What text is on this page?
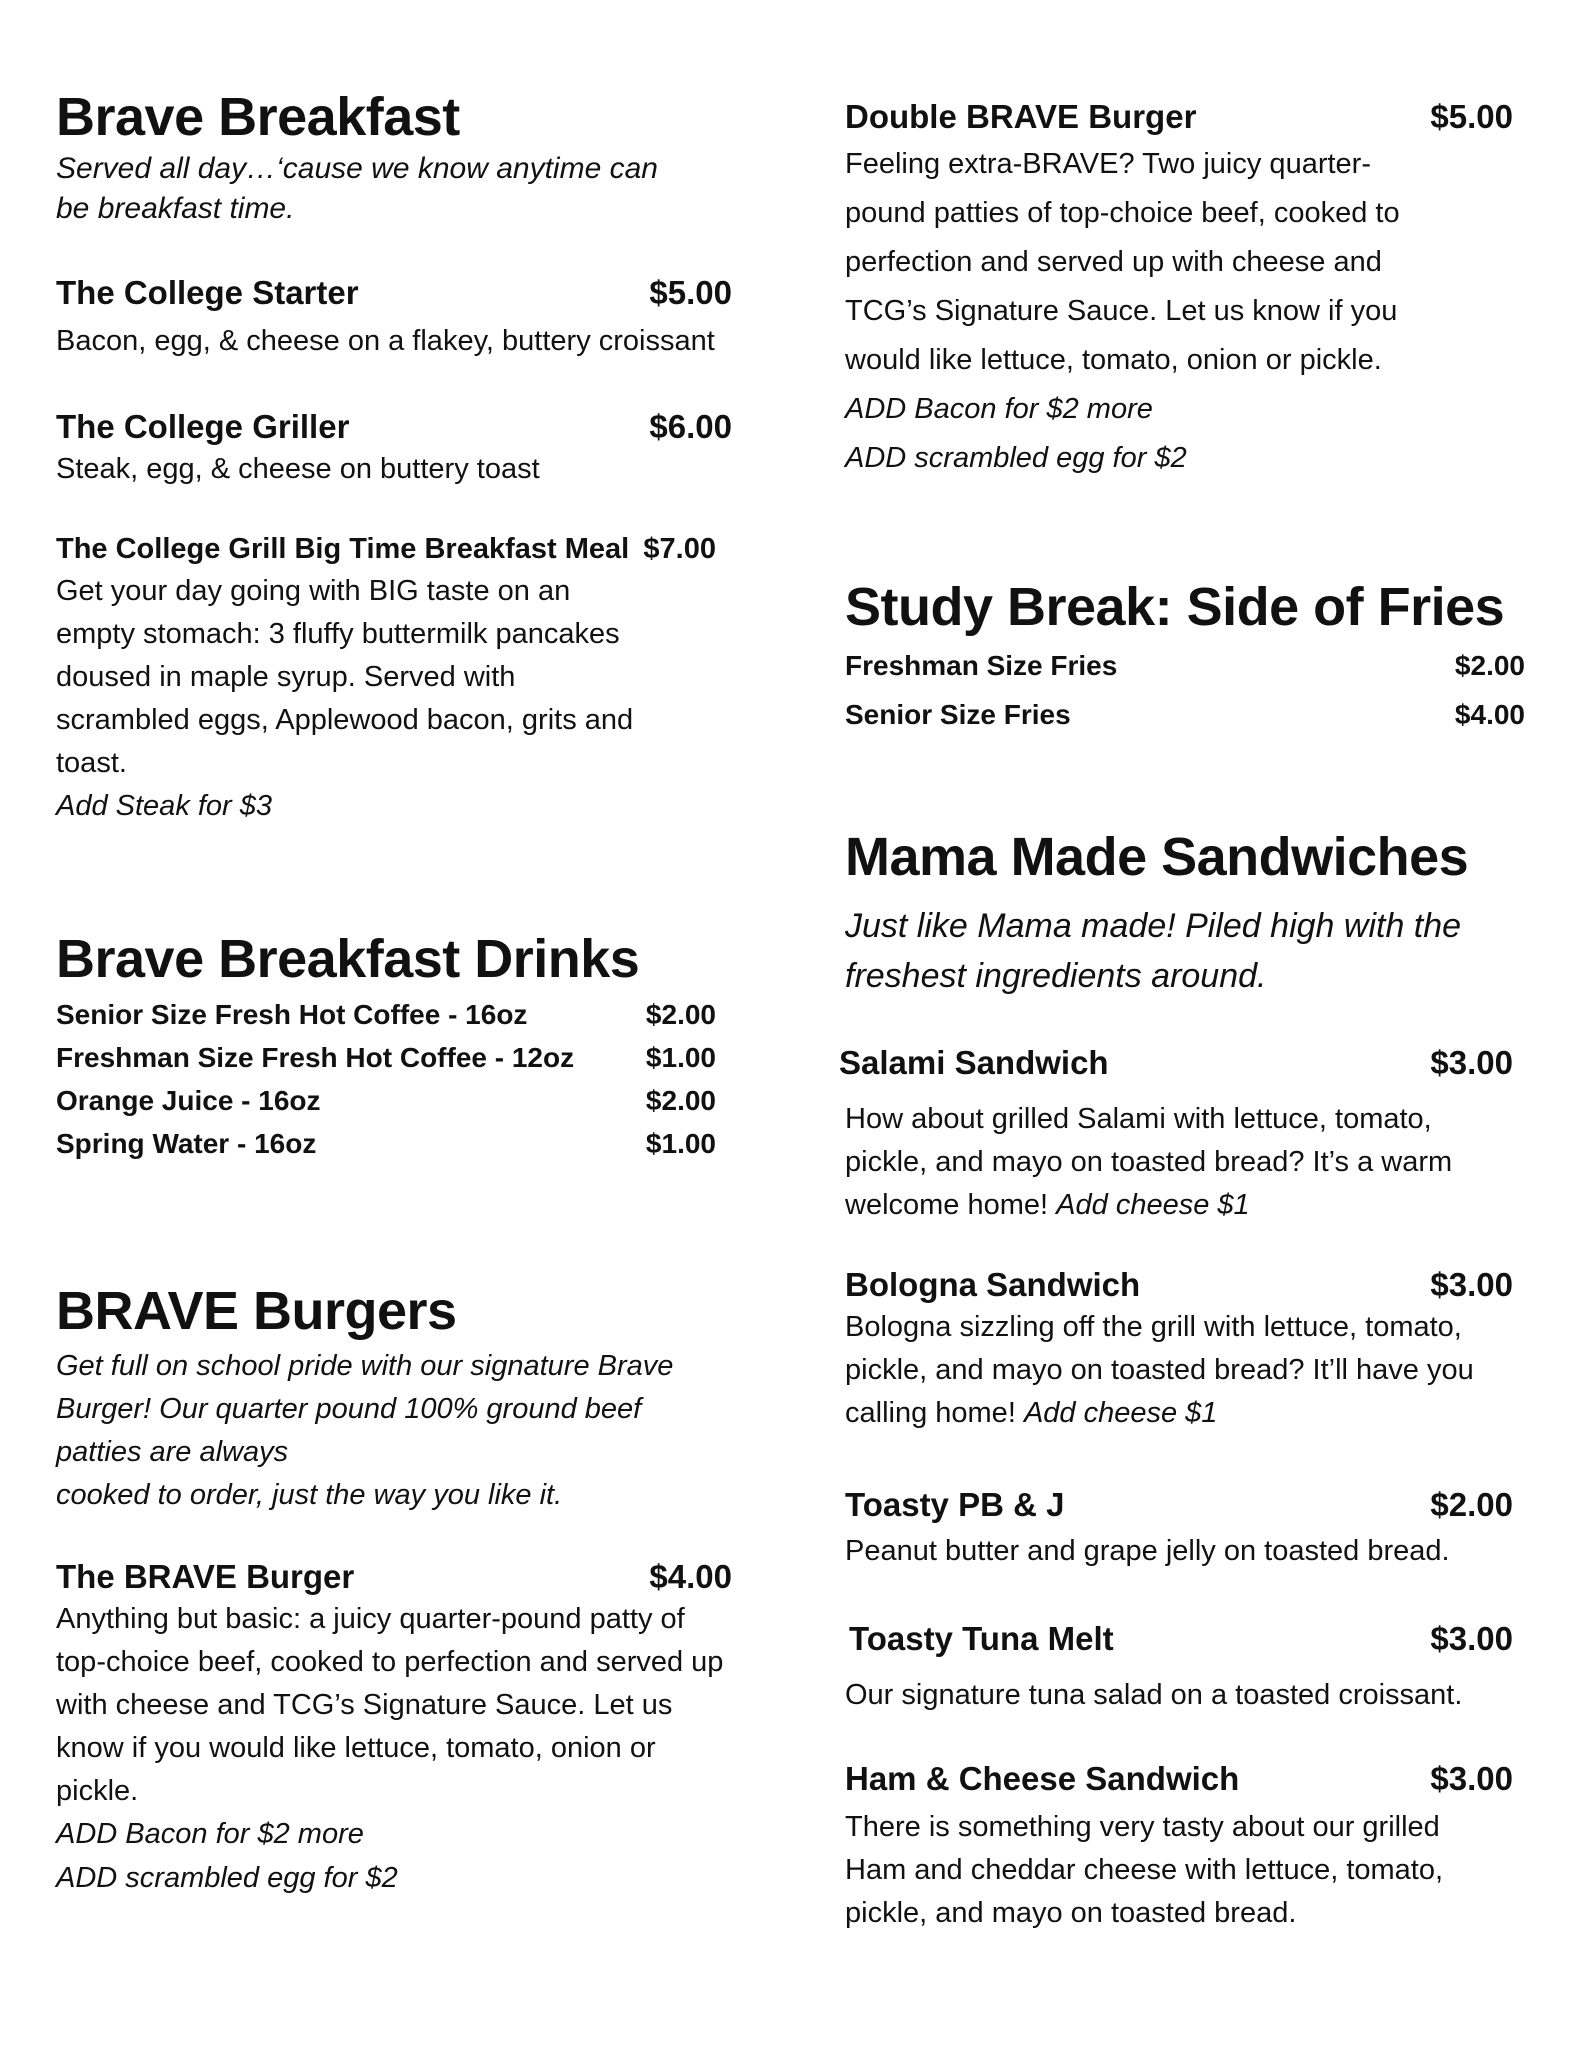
Brave Breakfast

Served all day…‘cause we know anytime can be breakfast time.

The College Starter	$5.00

Bacon, egg, & cheese on a flakey, buttery croissant

The College Griller	$6.00

Steak, egg, & cheese on buttery toast

The College Grill Big Time Breakfast Meal $7.00

Get your day going with BIG taste on an empty stomach: 3 fluffy buttermilk pancakes doused in maple syrup. Served with scrambled eggs, Applewood bacon, grits and toast.

Add Steak for $3

Brave Breakfast Drinks
Senior Size Fresh Hot Coffee - 16oz	$2.00
Freshman Size Fresh Hot Coffee - 12oz	$1.00
Orange Juice - 16oz	$2.00
Spring Water - 16oz	$1.00
BRAVE Burgers

Get full on school pride with our signature Brave Burger! Our quarter pound 100% ground beef patties are always

cooked to order, just the way you like it.

The BRAVE Burger	$4.00

Anything but basic: a juicy quarter-pound patty of top-choice beef, cooked to perfection and served up with cheese and TCG’s Signature Sauce. Let us know if you would like lettuce, tomato, onion or pickle.

ADD Bacon for $2 more

ADD scrambled egg for $2

Double BRAVE Burger	$5.00

Feeling extra-BRAVE? Two juicy quarter-pound patties of top-choice beef, cooked to perfection and served up with cheese and TCG’s Signature Sauce. Let us know if you would like lettuce, tomato, onion or pickle.

ADD Bacon for $2 more

ADD scrambled egg for $2

Study Break: Side of Fries
Freshman Size Fries	$2.00
Senior Size Fries	$4.00
Mama Made Sandwiches

Just like Mama made! Piled high with the freshest ingredients around.

Salami Sandwich	$3.00

How about grilled Salami with lettuce, tomato, pickle, and mayo on toasted bread? It’s a warm welcome home! Add cheese $1

Bologna Sandwich	$3.00

Bologna sizzling off the grill with lettuce, tomato, pickle, and mayo on toasted bread? It’ll have you calling home! Add cheese $1

Toasty PB & J	$2.00

Peanut butter and grape jelly on toasted bread.

Toasty Tuna Melt	$3.00

Our signature tuna salad on a toasted croissant.

Ham & Cheese Sandwich	$3.00

There is something very tasty about our grilled Ham and cheddar cheese with lettuce, tomato, pickle, and mayo on toasted bread.
